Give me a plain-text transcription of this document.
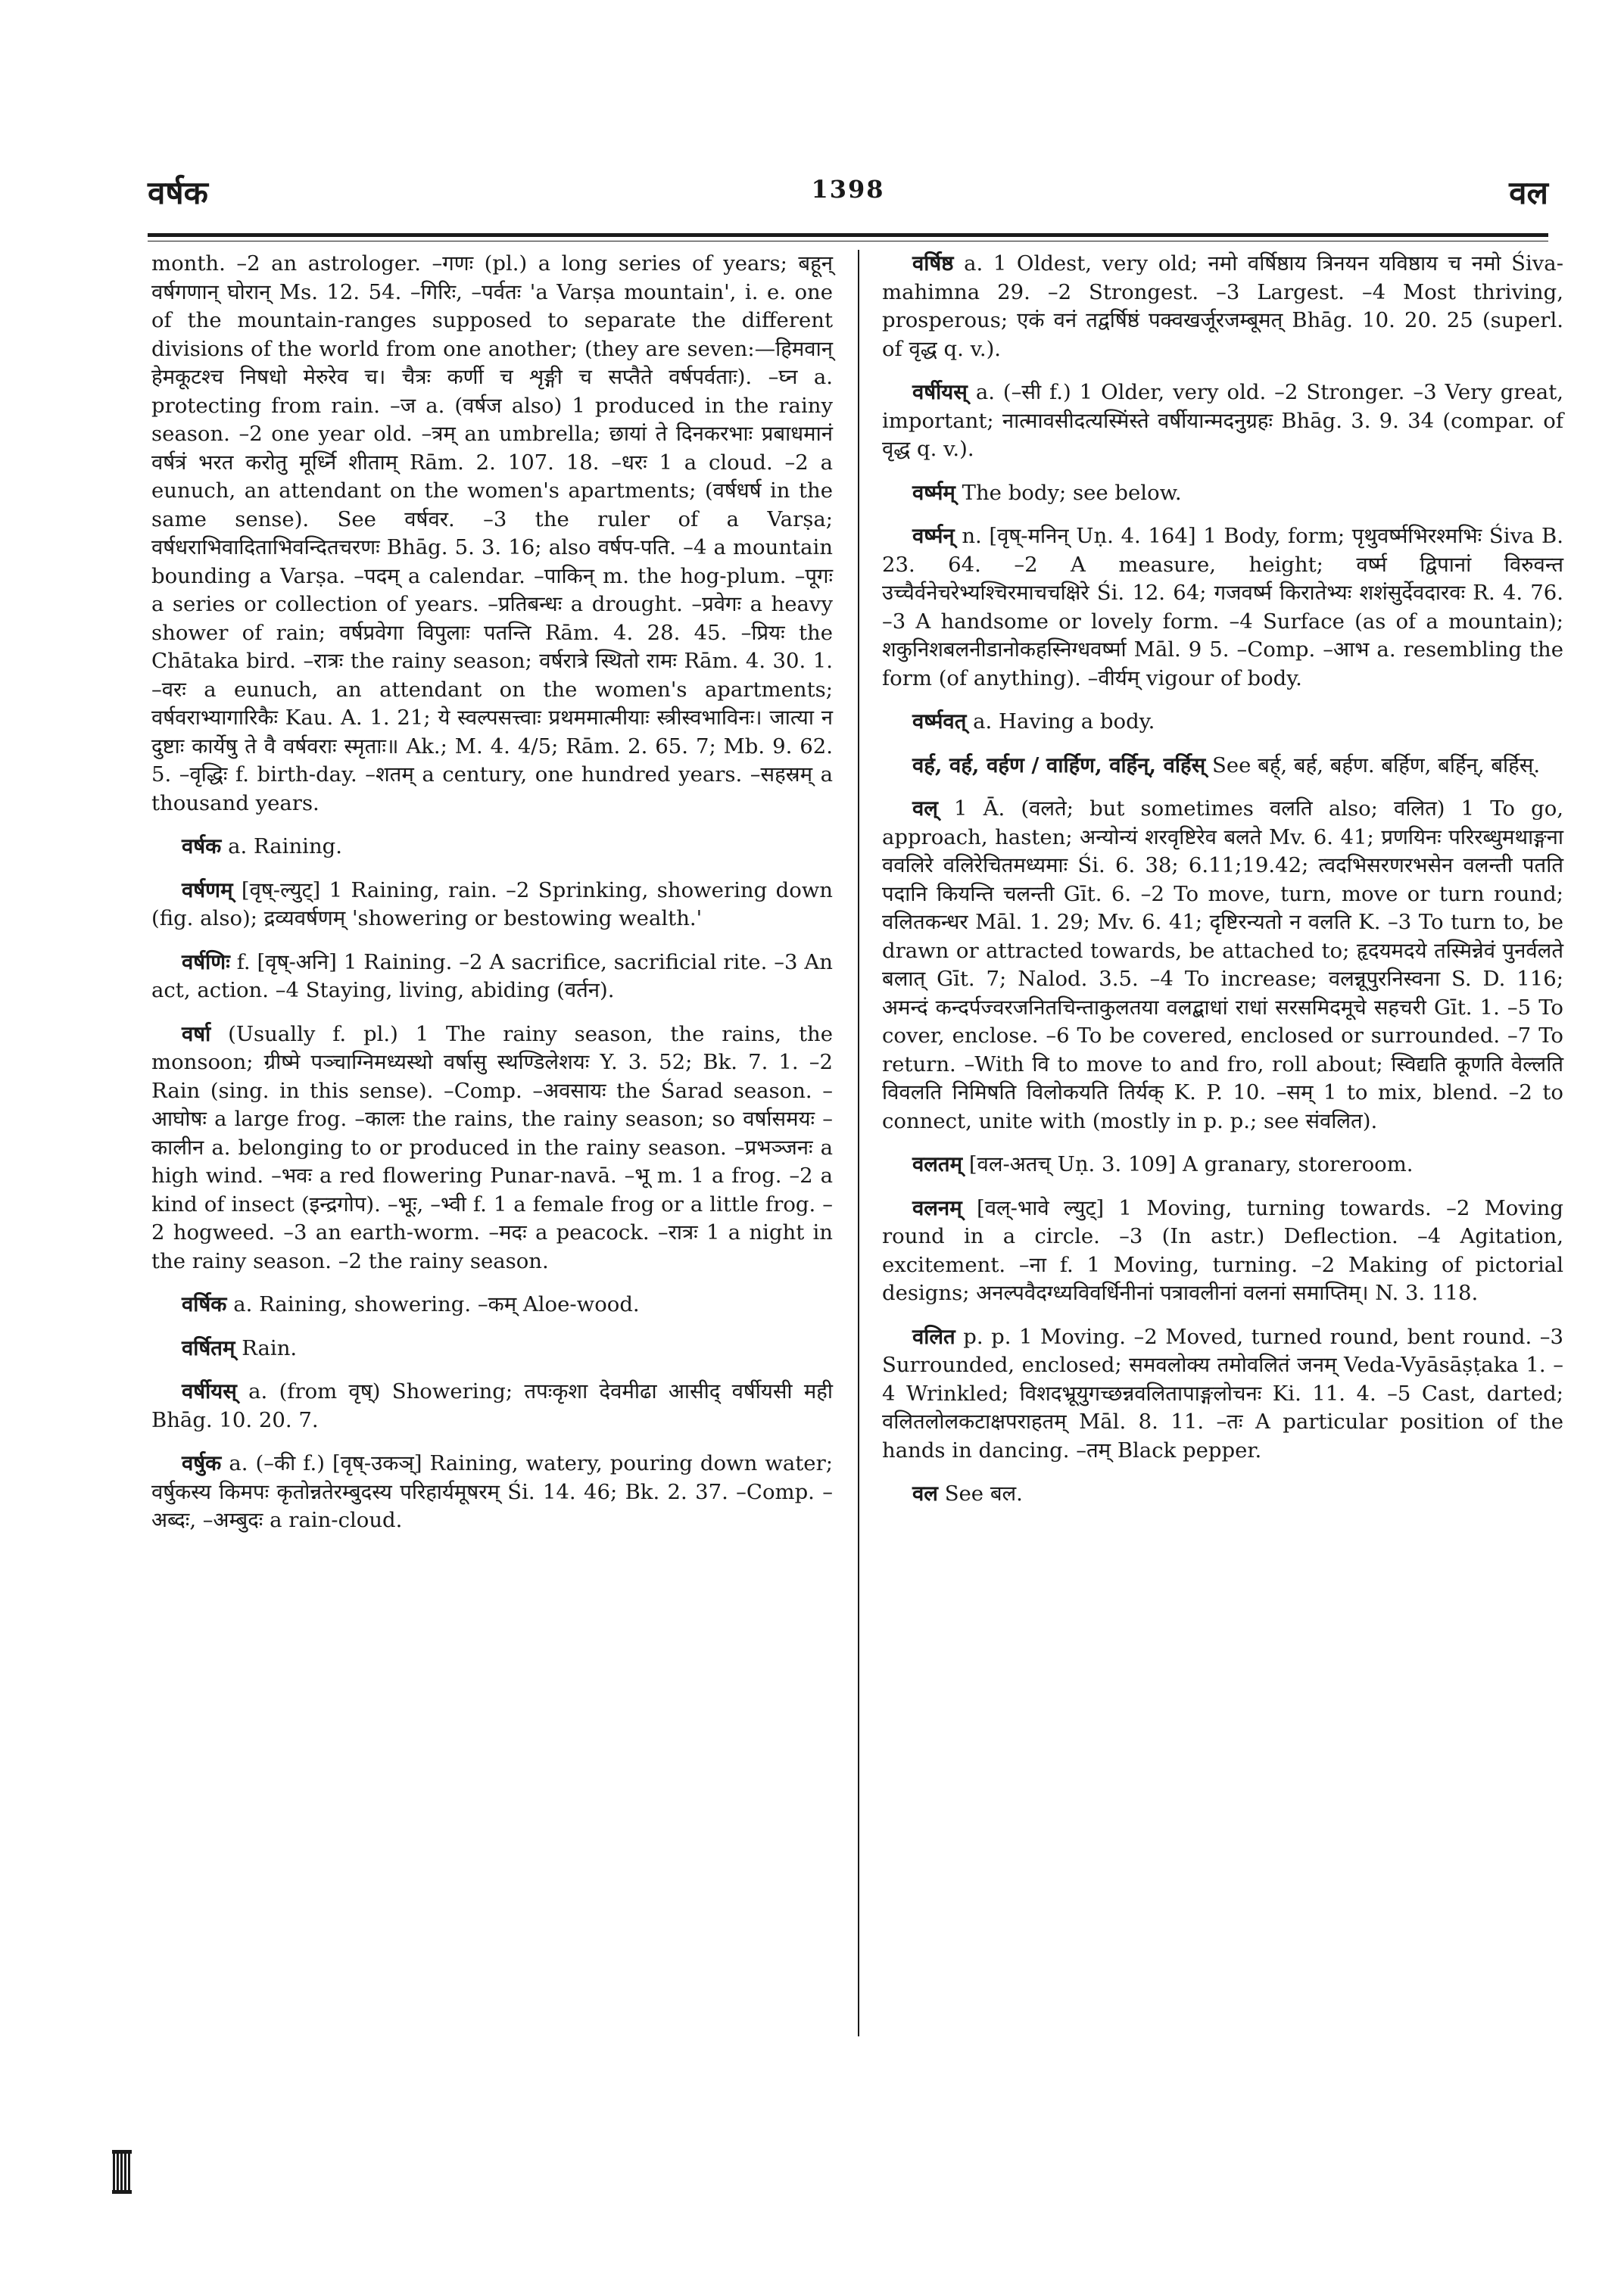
वर्षक	1398	वल

month. –2 an astrologer. –गणः (pl.) a long series of years; बहून् वर्षगणान् घोरान् Ms. 12. 54. –गिरिः, –पर्वतः 'a Varṣa mountain', i. e. one of the mountain-ranges supposed to separate the different divisions of the world from one another; (they are seven:—हिमवान् हेमकूटश्च निषधो मेरुरेव च। चैत्रः कर्णी च शृङ्गी च सप्तैते वर्षपर्वताः). –घ्न a. protecting from rain. –ज a. (वर्षज also) 1 produced in the rainy season. –2 one year old. –त्रम् an umbrella; छायां ते दिनकरभाः प्रबाधमानं वर्षत्रं भरत करोतु मूर्ध्नि शीताम् Rām. 2. 107. 18. –धरः 1 a cloud. –2 a eunuch, an attendant on the women's apartments; (वर्षधर्ष in the same sense). See वर्षवर. –3 the ruler of a Varṣa; वर्षधराभिवादिताभिवन्दितचरणः Bhāg. 5. 3. 16; also वर्षप-पति. –4 a mountain bounding a Varṣa. –पदम् a calendar. –पाकिन् m. the hog-plum. –पूगः a series or collection of years. –प्रतिबन्धः a drought. –प्रवेगः a heavy shower of rain; वर्षप्रवेगा विपुलाः पतन्ति Rām. 4. 28. 45. –प्रियः the Chātaka bird. –रात्रः the rainy season; वर्षरात्रे स्थितो रामः Rām. 4. 30. 1. –वरः a eunuch, an attendant on the women's apartments; वर्षवराभ्यागारिकैः Kau. A. 1. 21; ये स्वल्पसत्त्वाः प्रथममात्मीयाः स्त्रीस्वभाविनः। जात्या न दुष्टाः कार्येषु ते वै वर्षवराः स्मृताः॥ Ak.; M. 4. 4/5; Rām. 2. 65. 7; Mb. 9. 62. 5. –वृद्धिः f. birth-day. –शतम् a century, one hundred years. –सहस्रम् a thousand years.

वर्षक a. Raining.

वर्षणम् [वृष्-ल्युट्] 1 Raining, rain. –2 Sprinking, showering down (fig. also); द्रव्यवर्षणम् 'showering or bestowing wealth.'

वर्षणिः f. [वृष्-अनि] 1 Raining. –2 A sacrifice, sacrificial rite. –3 An act, action. –4 Staying, living, abiding (वर्तन).

वर्षा (Usually f. pl.) 1 The rainy season, the rains, the monsoon; ग्रीष्मे पञ्चाग्निमध्यस्थो वर्षासु स्थण्डिलेशयः Y. 3. 52; Bk. 7. 1. –2 Rain (sing. in this sense). –Comp. –अवसायः the Śarad season. –आघोषः a large frog. –कालः the rains, the rainy season; so वर्षासमयः –कालीन a. belonging to or produced in the rainy season. –प्रभञ्जनः a high wind. –भवः a red flowering Punar-navā. –भू m. 1 a frog. –2 a kind of insect (इन्द्रगोप). –भूः, –भ्वी f. 1 a female frog or a little frog. –2 hogweed. –3 an earth-worm. –मदः a peacock. –रात्रः 1 a night in the rainy season. –2 the rainy season.

वर्षिक a. Raining, showering. –कम् Aloe-wood.

वर्षितम् Rain.

वर्षीयस् a. (from वृष्) Showering; तपःकृशा देवमीढा आसीद् वर्षीयसी मही Bhāg. 10. 20. 7.

वर्षुक a. (–की f.) [वृष्-उकञ्] Raining, watery, pouring down water; वर्षुकस्य किमपः कृतोन्नतेरम्बुदस्य परिहार्यमूषरम् Śi. 14. 46; Bk. 2. 37. –Comp. –अब्दः, –अम्बुदः a rain-cloud.

वर्षिष्ठ a. 1 Oldest, very old; नमो वर्षिष्ठाय त्रिनयन यविष्ठाय च नमो Śiva-mahimna 29. –2 Strongest. –3 Largest. –4 Most thriving, prosperous; एकं वनं तद्वर्षिष्ठं पक्वखर्जूरजम्बूमत् Bhāg. 10. 20. 25 (superl. of वृद्ध q. v.).

वर्षीयस् a. (–सी f.) 1 Older, very old. –2 Stronger. –3 Very great, important; नात्मावसीदत्यस्मिंस्ते वर्षीयान्मदनुग्रहः Bhāg. 3. 9. 34 (compar. of वृद्ध q. v.).

वर्ष्मम् The body; see below.

वर्ष्मन् n. [वृष्-मनिन् Uṇ. 4. 164] 1 Body, form; पृथुवर्ष्मभिरश्मभिः Śiva B. 23. 64. –2 A measure, height; वर्ष्म द्विपानां विरुवन्त उच्चैर्वनेचरेभ्यश्चिरमाचचक्षिरे Śi. 12. 64; गजवर्ष्म किरातेभ्यः शशंसुर्देवदारवः R. 4. 76. –3 A handsome or lovely form. –4 Surface (as of a mountain); शकुनिशबलनीडानोकहस्निग्धवर्ष्मा Māl. 9 5. –Comp. –आभ a. resembling the form (of anything). –वीर्यम् vigour of body.

वर्ष्मवत् a. Having a body.

वर्ह, वर्ह, वर्हण / वार्हिण, वर्हिन्, वर्हिस् See बर्ह्, बर्ह, बर्हण. बर्हिण, बर्हिन्, बर्हिस्.

वल् 1 Ā. (वलते; but sometimes वलति also; वलित) 1 To go, approach, hasten; अन्योन्यं शरवृष्टिरेव बलते Mv. 6. 41; प्रणयिनः परिरब्धुमथाङ्गना ववलिरे वलिरेचितमध्यमाः Śi. 6. 38; 6.11;19.42; त्वदभिसरणरभसेन वलन्ती पतति पदानि कियन्ति चलन्ती Gīt. 6. –2 To move, turn, move or turn round; वलितकन्धर Māl. 1. 29; Mv. 6. 41; दृष्टिरन्यतो न वलति K. –3 To turn to, be drawn or attracted towards, be attached to; हृदयमदये तस्मिन्नेवं पुनर्वलते बलात् Gīt. 7; Nalod. 3.5. –4 To increase; वलन्नूपुरनिस्वना S. D. 116; अमन्दं कन्दर्पज्वरजनितचिन्ताकुलतया वलद्बाधां राधां सरसमिदमूचे सहचरी Gīt. 1. –5 To cover, enclose. –6 To be covered, enclosed or surrounded. –7 To return. –With वि to move to and fro, roll about; स्विद्यति कूणति वेल्लति विवलति निमिषति विलोकयति तिर्यक् K. P. 10. –सम् 1 to mix, blend. –2 to connect, unite with (mostly in p. p.; see संवलित).

वलतम् [वल-अतच् Uṇ. 3. 109] A granary, storeroom.

वलनम् [वल्-भावे ल्युट्] 1 Moving, turning towards. –2 Moving round in a circle. –3 (In astr.) Deflection. –4 Agitation, excitement. –ना f. 1 Moving, turning. –2 Making of pictorial designs; अनल्पवैदग्ध्यविवर्धिनीनां पत्रावलीनां वलनां समाप्तिम्। N. 3. 118.

वलित p. p. 1 Moving. –2 Moved, turned round, bent round. –3 Surrounded, enclosed; समवलोक्य तमोवलितं जनम् Veda-Vyāsāṣṭaka 1. –4 Wrinkled; विशदभ्रूयुगच्छन्नवलितापाङ्गलोचनः Ki. 11. 4. –5 Cast, darted; वलितलोलकटाक्षपराहतम् Māl. 8. 11. –तः A particular position of the hands in dancing. –तम् Black pepper.

वल See बल.
